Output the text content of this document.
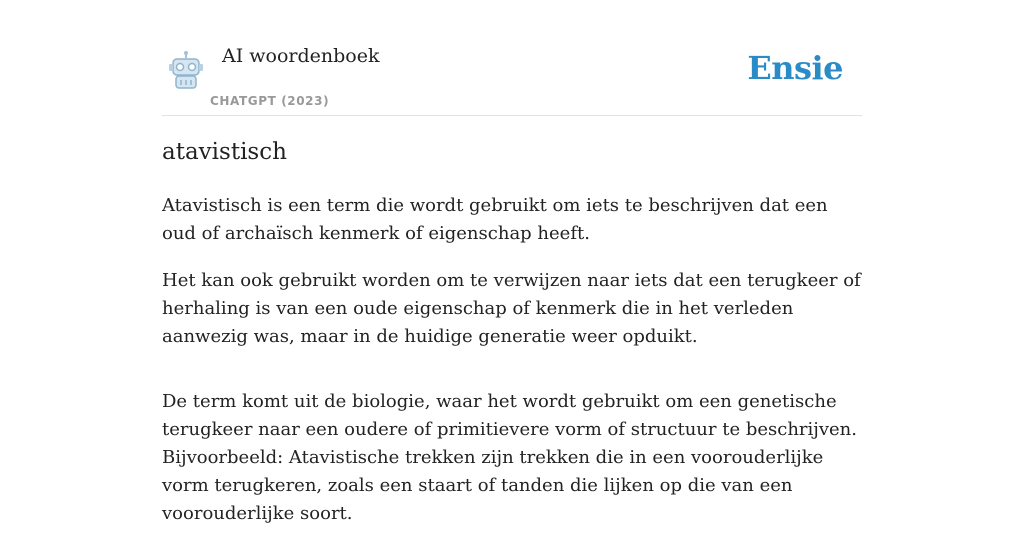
AI woordenboek
CHATGPT (2023)
Ensie
atavistisch

Atavistisch is een term die wordt gebruikt om iets te beschrijven dat een oud of archaïsch kenmerk of eigenschap heeft.

Het kan ook gebruikt worden om te verwijzen naar iets dat een terugkeer of herhaling is van een oude eigenschap of kenmerk die in het verleden aanwezig was, maar in de huidige generatie weer opduikt.

De term komt uit de biologie, waar het wordt gebruikt om een genetische terugkeer naar een oudere of primitievere vorm of structuur te beschrijven. Bijvoorbeeld: Atavistische trekken zijn trekken die in een voorouderlijke vorm terugkeren, zoals een staart of tanden die lijken op die van een voorouderlijke soort.
